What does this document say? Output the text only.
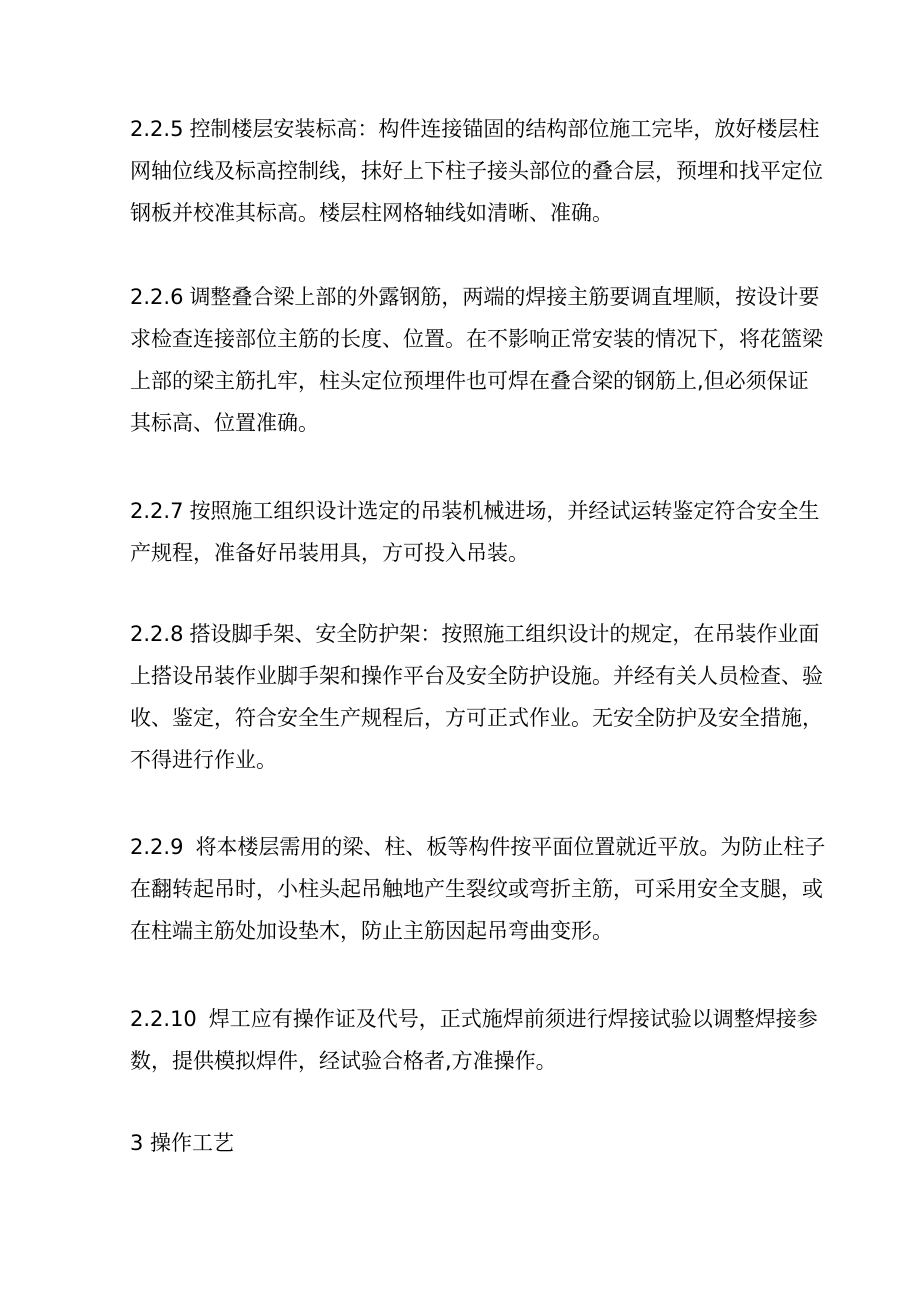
2.2.5 控制楼层安装标高：构件连接锚固的结构部位施工完毕，放好楼层柱
网轴位线及标高控制线，抹好上下柱子接头部位的叠合层，预埋和找平定位
钢板并校准其标高。楼层柱网格轴线如清晰、准确。
2.2.6 调整叠合梁上部的外露钢筋，两端的焊接主筋要调直埋顺，按设计要
求检查连接部位主筋的长度、位置。在不影响正常安装的情况下，将花篮梁
上部的梁主筋扎牢，柱头定位预埋件也可焊在叠合梁的钢筋上,但必须保证
其标高、位置准确。
2.2.7 按照施工组织设计选定的吊装机械进场，并经试运转鉴定符合安全生
产规程，准备好吊装用具，方可投入吊装。
2.2.8 搭设脚手架、安全防护架：按照施工组织设计的规定，在吊装作业面
上搭设吊装作业脚手架和操作平台及安全防护设施。并经有关人员检查、验
收、鉴定，符合安全生产规程后，方可正式作业。无安全防护及安全措施，
不得进行作业。
2.2.9 将本楼层需用的梁、柱、板等构件按平面位置就近平放。为防止柱子
在翻转起吊时，小柱头起吊触地产生裂纹或弯折主筋，可采用安全支腿，或
在柱端主筋处加设垫木，防止主筋因起吊弯曲变形。
2.2.10 焊工应有操作证及代号，正式施焊前须进行焊接试验以调整焊接参
数，提供模拟焊件，经试验合格者,方准操作。
3 操作工艺
